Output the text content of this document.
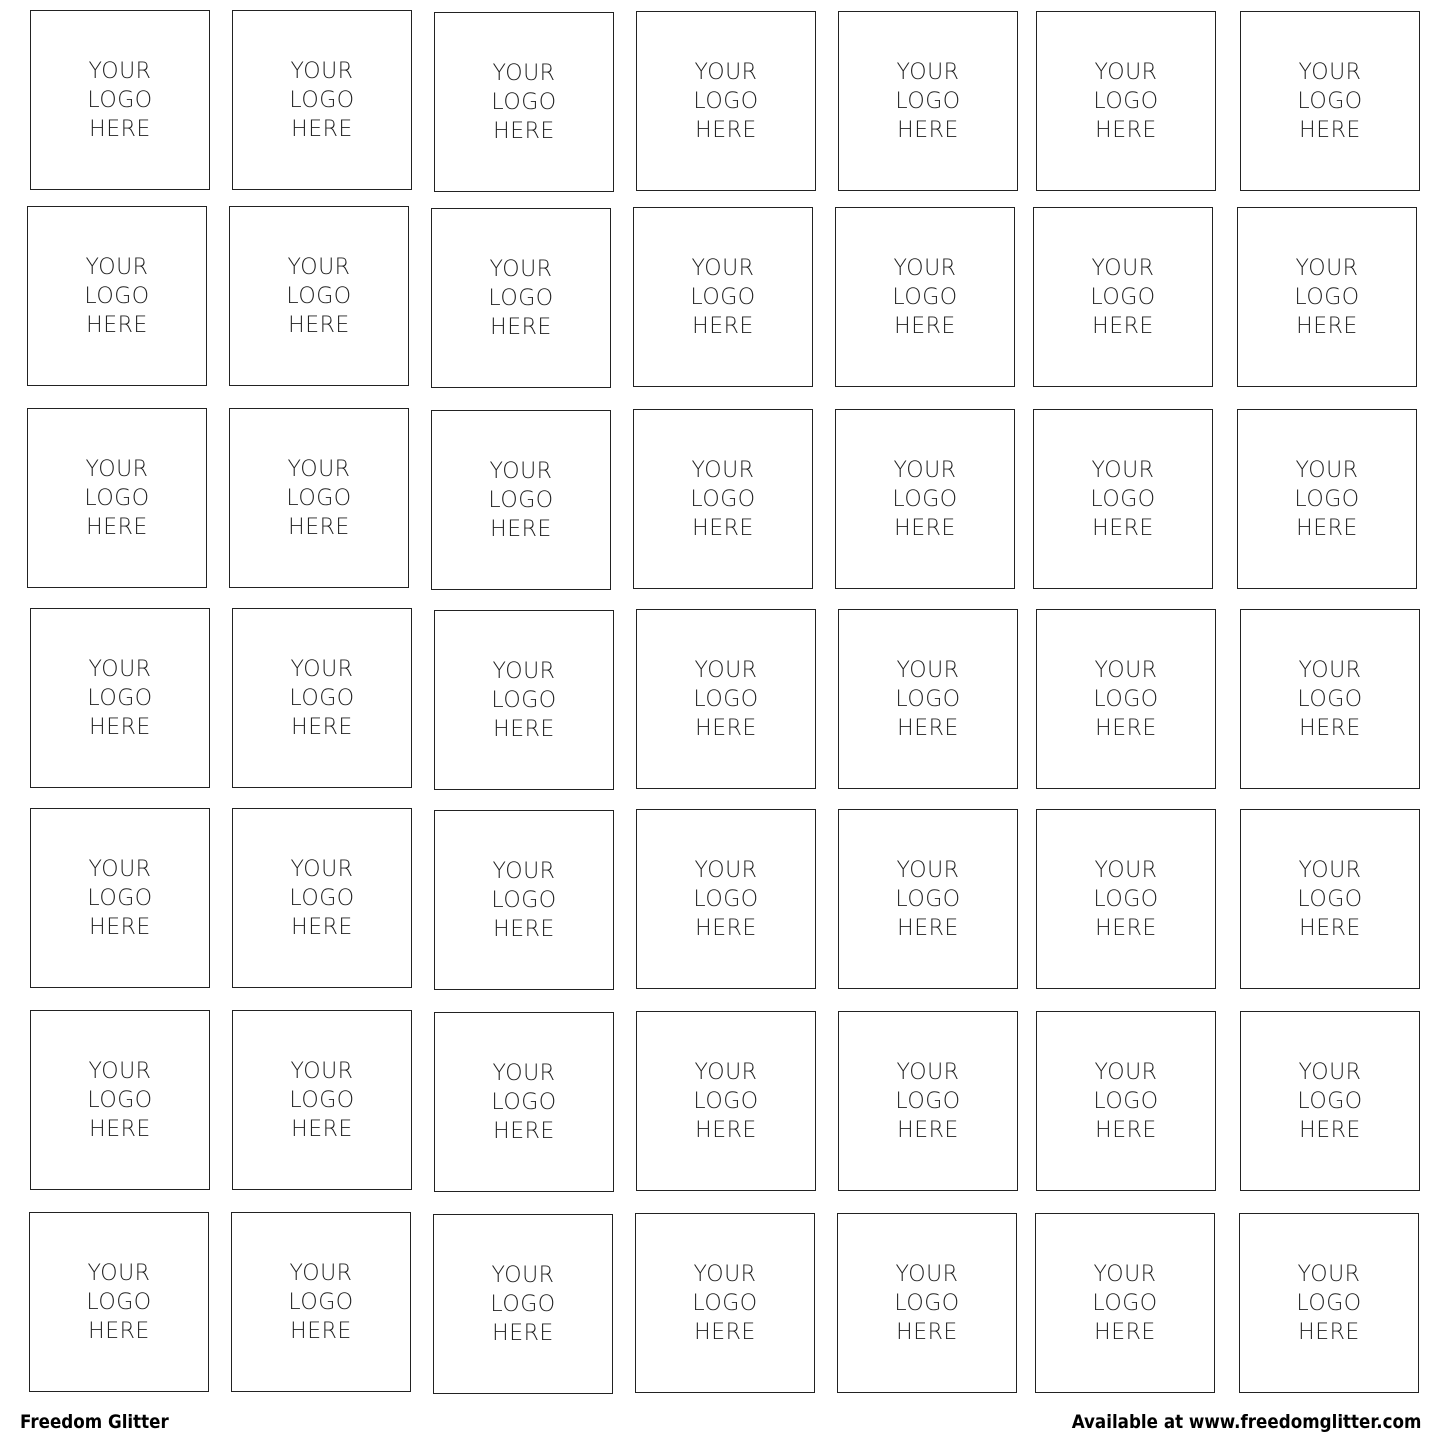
YOUR
LOGO
HERE
YOUR
LOGO
HERE
YOUR
LOGO
HERE
YOUR
LOGO
HERE
YOUR
LOGO
HERE
YOUR
LOGO
HERE
YOUR
LOGO
HERE
YOUR
LOGO
HERE
YOUR
LOGO
HERE
YOUR
LOGO
HERE
YOUR
LOGO
HERE
YOUR
LOGO
HERE
YOUR
LOGO
HERE
YOUR
LOGO
HERE
YOUR
LOGO
HERE
YOUR
LOGO
HERE
YOUR
LOGO
HERE
YOUR
LOGO
HERE
YOUR
LOGO
HERE
YOUR
LOGO
HERE
YOUR
LOGO
HERE
YOUR
LOGO
HERE
YOUR
LOGO
HERE
YOUR
LOGO
HERE
YOUR
LOGO
HERE
YOUR
LOGO
HERE
YOUR
LOGO
HERE
YOUR
LOGO
HERE
YOUR
LOGO
HERE
YOUR
LOGO
HERE
YOUR
LOGO
HERE
YOUR
LOGO
HERE
YOUR
LOGO
HERE
YOUR
LOGO
HERE
YOUR
LOGO
HERE
YOUR
LOGO
HERE
YOUR
LOGO
HERE
YOUR
LOGO
HERE
YOUR
LOGO
HERE
YOUR
LOGO
HERE
YOUR
LOGO
HERE
YOUR
LOGO
HERE
YOUR
LOGO
HERE
YOUR
LOGO
HERE
YOUR
LOGO
HERE
YOUR
LOGO
HERE
YOUR
LOGO
HERE
YOUR
LOGO
HERE
YOUR
LOGO
HERE
Freedom Glitter	Available at www.freedomglitter.com
